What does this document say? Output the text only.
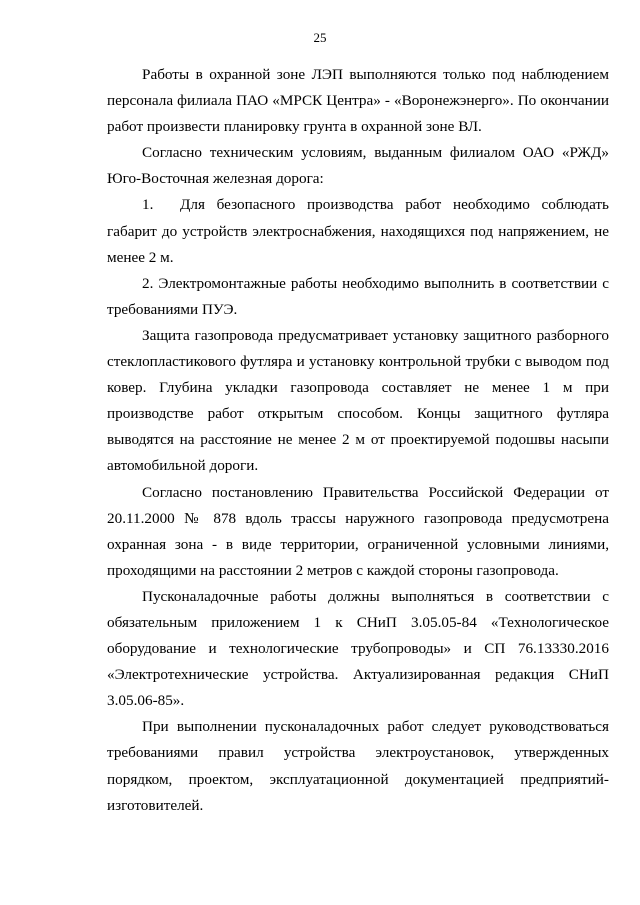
25

Работы в охранной зоне ЛЭП выполняются только под наблюдением персонала филиала ПАО «МРСК Центра» - «Воронежэнерго». По окончании работ произвести планировку грунта в охранной зоне ВЛ.

Согласно техническим условиям, выданным филиалом ОАО «РЖД» Юго-Восточная железная дорога:

1. Для безопасного производства работ необходимо соблюдать габарит до устройств электроснабжения, находящихся под напряжением, не менее 2 м.

2. Электромонтажные работы необходимо выполнить в соответствии с требованиями ПУЭ.

Защита газопровода предусматривает установку защитного разборного стеклопластикового футляра и установку контрольной трубки с выводом под ковер. Глубина укладки газопровода составляет не менее 1 м при производстве работ открытым способом. Концы защитного футляра выводятся на расстояние не менее 2 м от проектируемой подошвы насыпи автомобильной дороги.

Согласно постановлению Правительства Российской Федерации от 20.11.2000 № 878 вдоль трассы наружного газопровода предусмотрена охранная зона - в виде территории, ограниченной условными линиями, проходящими на расстоянии 2 метров с каждой стороны газопровода.

Пусконаладочные работы должны выполняться в соответствии с обязательным приложением 1 к СНиП 3.05.05-84 «Технологическое оборудование и технологические трубопроводы» и СП 76.13330.2016 «Электротехнические устройства. Актуализированная редакция СНиП 3.05.06-85».

При выполнении пусконаладочных работ следует руководствоваться требованиями правил устройства электроустановок, утвержденных порядком, проектом, эксплуатационной документацией предприятий-изготовителей.
